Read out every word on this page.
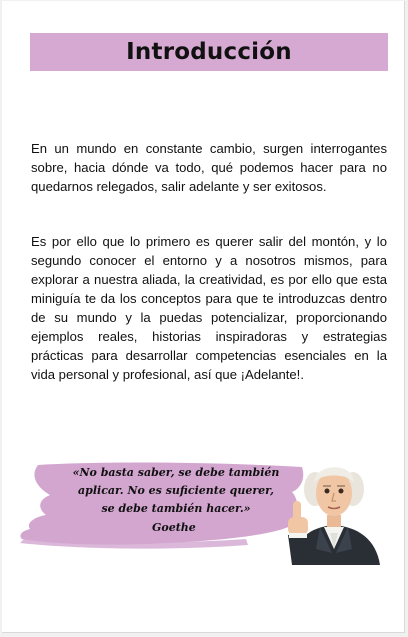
Introducción

En un mundo en constante cambio, surgen interrogantes sobre, hacia dónde va todo, qué podemos hacer para no quedarnos relegados, salir adelante y ser exitosos.

Es por ello que lo primero es querer salir del montón, y lo segundo conocer el entorno y a nosotros mismos, para explorar a nuestra aliada, la creatividad, es por ello que esta miniguía te da los conceptos para que te introduzcas dentro de su mundo y la puedas potencializar, proporcionando ejemplos reales, historias inspiradoras y estrategias prácticas para desarrollar competencias esenciales en la vida personal y profesional, así que ¡Adelante!.

«No basta saber, se debe también
aplicar. No es suficiente querer,
se debe también hacer.»
Goethe
